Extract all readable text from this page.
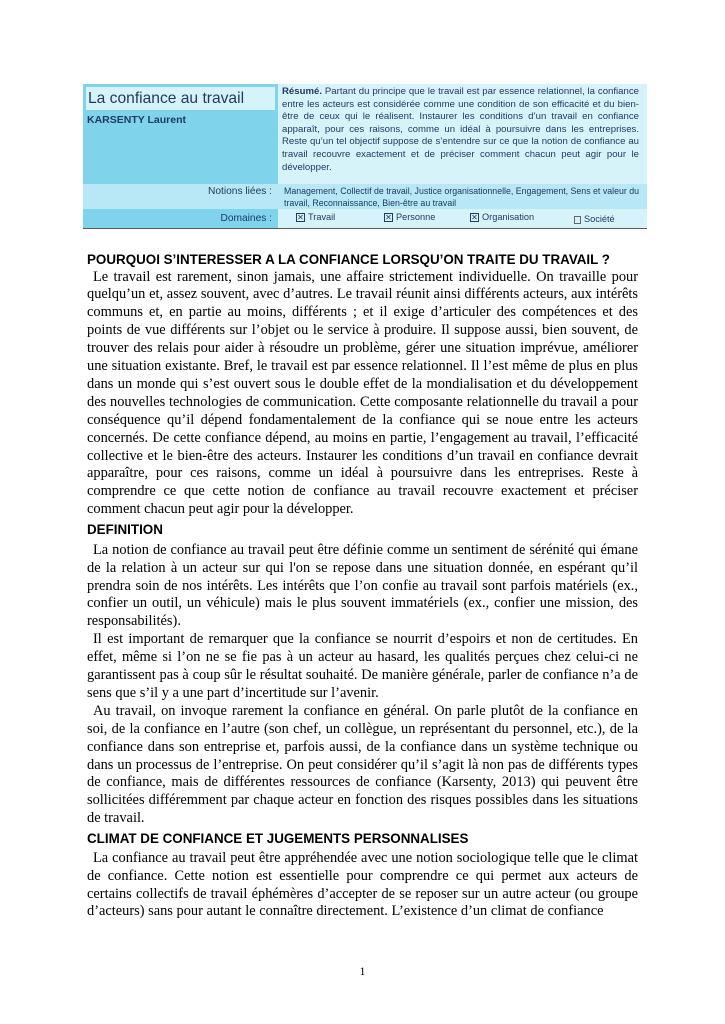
La confiance au travail
KARSENTY Laurent
Résumé. Partant du principe que le travail est par essence relationnel, la confiance entre les acteurs est considérée comme une condition de son efficacité et du bien-être de ceux qui le réalisent. Instaurer les conditions d’un travail en confiance apparaît, pour ces raisons, comme un idéal à poursuivre dans les entreprises. Reste qu’un tel objectif suppose de s’entendre sur ce que la notion de confiance au travail recouvre exactement et de préciser comment chacun peut agir pour le développer.
Notions liées :	Management, Collectif de travail, Justice organisationnelle, Engagement, Sens et valeur du travail, Reconnaissance, Bien-être au travail
Domaines :	✕ Travail	✕ Personne	✕ Organisation	Société
POURQUOI S’INTERESSER A LA CONFIANCE LORSQU’ON TRAITE DU TRAVAIL ?

Le travail est rarement, sinon jamais, une affaire strictement individuelle. On travaille pour quelqu’un et, assez souvent, avec d’autres. Le travail réunit ainsi différents acteurs, aux intérêts communs et, en partie au moins, différents ; et il exige d’articuler des compétences et des points de vue différents sur l’objet ou le service à produire. Il suppose aussi, bien souvent, de trouver des relais pour aider à résoudre un problème, gérer une situation imprévue, améliorer une situation existante. Bref, le travail est par essence relationnel. Il l’est même de plus en plus dans un monde qui s’est ouvert sous le double effet de la mondialisation et du développement des nouvelles technologies de communication. Cette composante relationnelle du travail a pour conséquence qu’il dépend fondamentalement de la confiance qui se noue entre les acteurs concernés. De cette confiance dépend, au moins en partie, l’engagement au travail, l’efficacité collective et le bien-être des acteurs. Instaurer les conditions d’un travail en confiance devrait apparaître, pour ces raisons, comme un idéal à poursuivre dans les entreprises. Reste à comprendre ce que cette notion de confiance au travail recouvre exactement et préciser comment chacun peut agir pour la développer.

DEFINITION

La notion de confiance au travail peut être définie comme un sentiment de sérénité qui émane de la relation à un acteur sur qui l'on se repose dans une situation donnée, en espérant qu’il prendra soin de nos intérêts. Les intérêts que l’on confie au travail sont parfois matériels (ex., confier un outil, un véhicule) mais le plus souvent immatériels (ex., confier une mission, des responsabilités).

Il est important de remarquer que la confiance se nourrit d’espoirs et non de certitudes. En effet, même si l’on ne se fie pas à un acteur au hasard, les qualités perçues chez celui-ci ne garantissent pas à coup sûr le résultat souhaité. De manière générale, parler de confiance n’a de sens que s’il y a une part d’incertitude sur l’avenir.

Au travail, on invoque rarement la confiance en général. On parle plutôt de la confiance en soi, de la confiance en l’autre (son chef, un collègue, un représentant du personnel, etc.), de la confiance dans son entreprise et, parfois aussi, de la confiance dans un système technique ou dans un processus de l’entreprise. On peut considérer qu’il s’agit là non pas de différents types de confiance, mais de différentes ressources de confiance (Karsenty, 2013) qui peuvent être sollicitées différemment par chaque acteur en fonction des risques possibles dans les situations de travail.

CLIMAT DE CONFIANCE ET JUGEMENTS PERSONNALISES

La confiance au travail peut être appréhendée avec une notion sociologique telle que le climat de confiance. Cette notion est essentielle pour comprendre ce qui permet aux acteurs de certains collectifs de travail éphémères d’accepter de se reposer sur un autre acteur (ou groupe d’acteurs) sans pour autant le connaître directement. L’existence d’un climat de confiance

1
